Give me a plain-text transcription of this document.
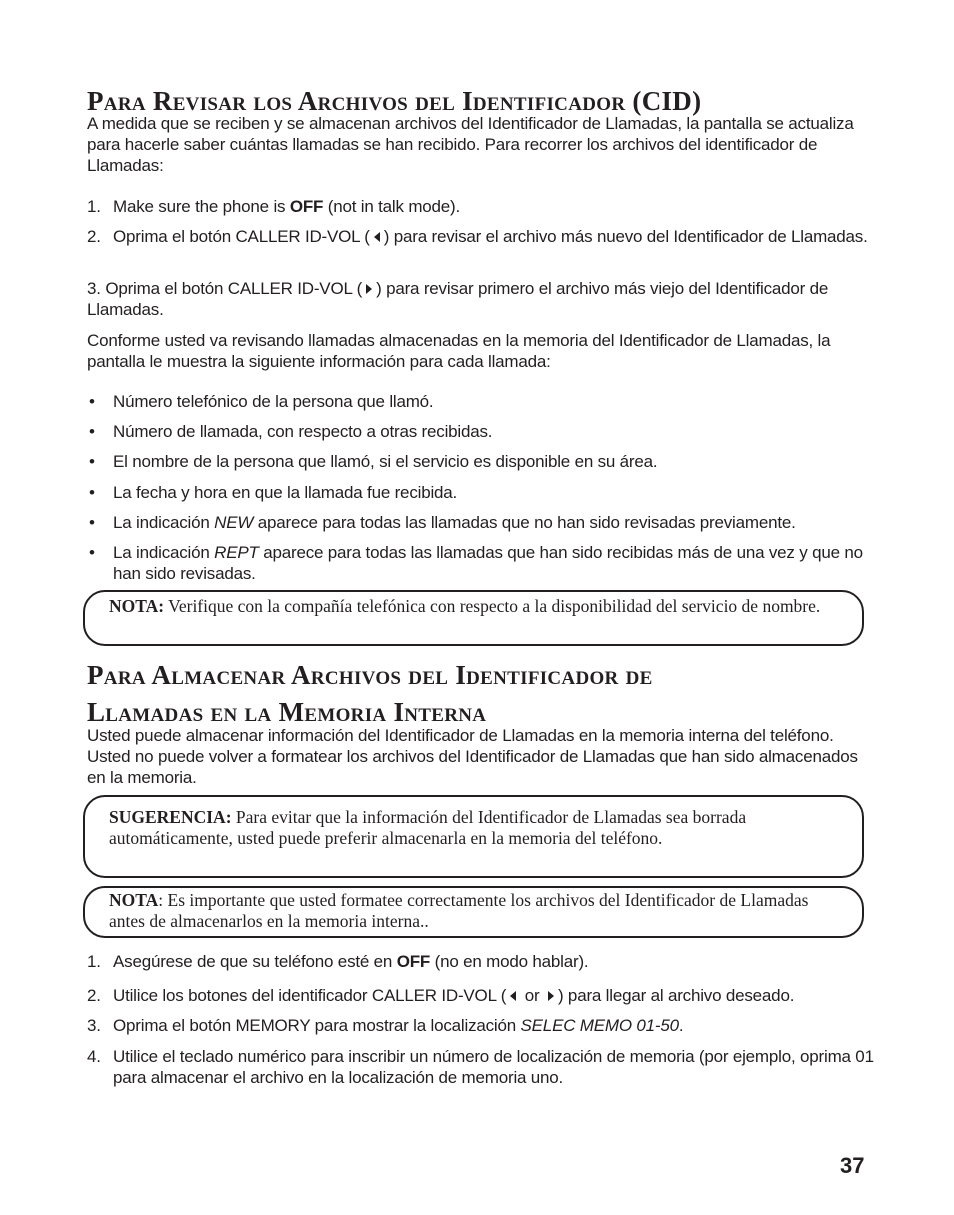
Para Revisar los Archivos del Identificador (CID)
A medida que se reciben y se almacenan archivos del Identificador de Llamadas, la pantalla se actualiza para hacerle saber cuántas llamadas se han recibido. Para recorrer los archivos del identificador de Llamadas:
1. Make sure the phone is OFF (not in talk mode).
2. Oprima el botón CALLER ID-VOL ( ) para revisar el archivo más nuevo del Identificador de Llamadas.
3. Oprima el botón CALLER ID-VOL ( ) para revisar primero el archivo más viejo del Identificador de Llamadas.
Conforme usted va revisando llamadas almacenadas en la memoria del Identificador de Llamadas, la pantalla le muestra la siguiente información para cada llamada:
• Número telefónico de la persona que llamó.
• Número de llamada, con respecto a otras recibidas.
• El nombre de la persona que llamó, si el servicio es disponible en su área.
• La fecha y hora en que la llamada fue recibida.
• La indicación NEW aparece para todas las llamadas que no han sido revisadas previamente.
• La indicación REPT aparece para todas las llamadas que han sido recibidas más de una vez y que no han sido revisadas.
NOTA: Verifique con la compañía telefónica con respecto a la disponibilidad del servicio de nombre.
Para Almacenar Archivos del Identificador de
Llamadas en la Memoria Interna
Usted puede almacenar información del Identificador de Llamadas en la memoria interna del teléfono. Usted no puede volver a formatear los archivos del Identificador de Llamadas que han sido almacenados en la memoria.
SUGERENCIA: Para evitar que la información del Identificador de Llamadas sea borrada automáticamente, usted puede preferir almacenarla en la memoria del teléfono.
NOTA: Es importante que usted formatee correctamente los archivos del Identificador de Llamadas antes de almacenarlos en la memoria interna..
1. Asegúrese de que su teléfono esté en OFF (no en modo hablar).
2. Utilice los botones del identificador CALLER ID-VOL ( or ) para llegar al archivo deseado.
3. Oprima el botón MEMORY para mostrar la localización SELEC MEMO 01-50.
4. Utilice el teclado numérico para inscribir un número de localización de memoria (por ejemplo, oprima 01 para almacenar el archivo en la localización de memoria uno.
37
